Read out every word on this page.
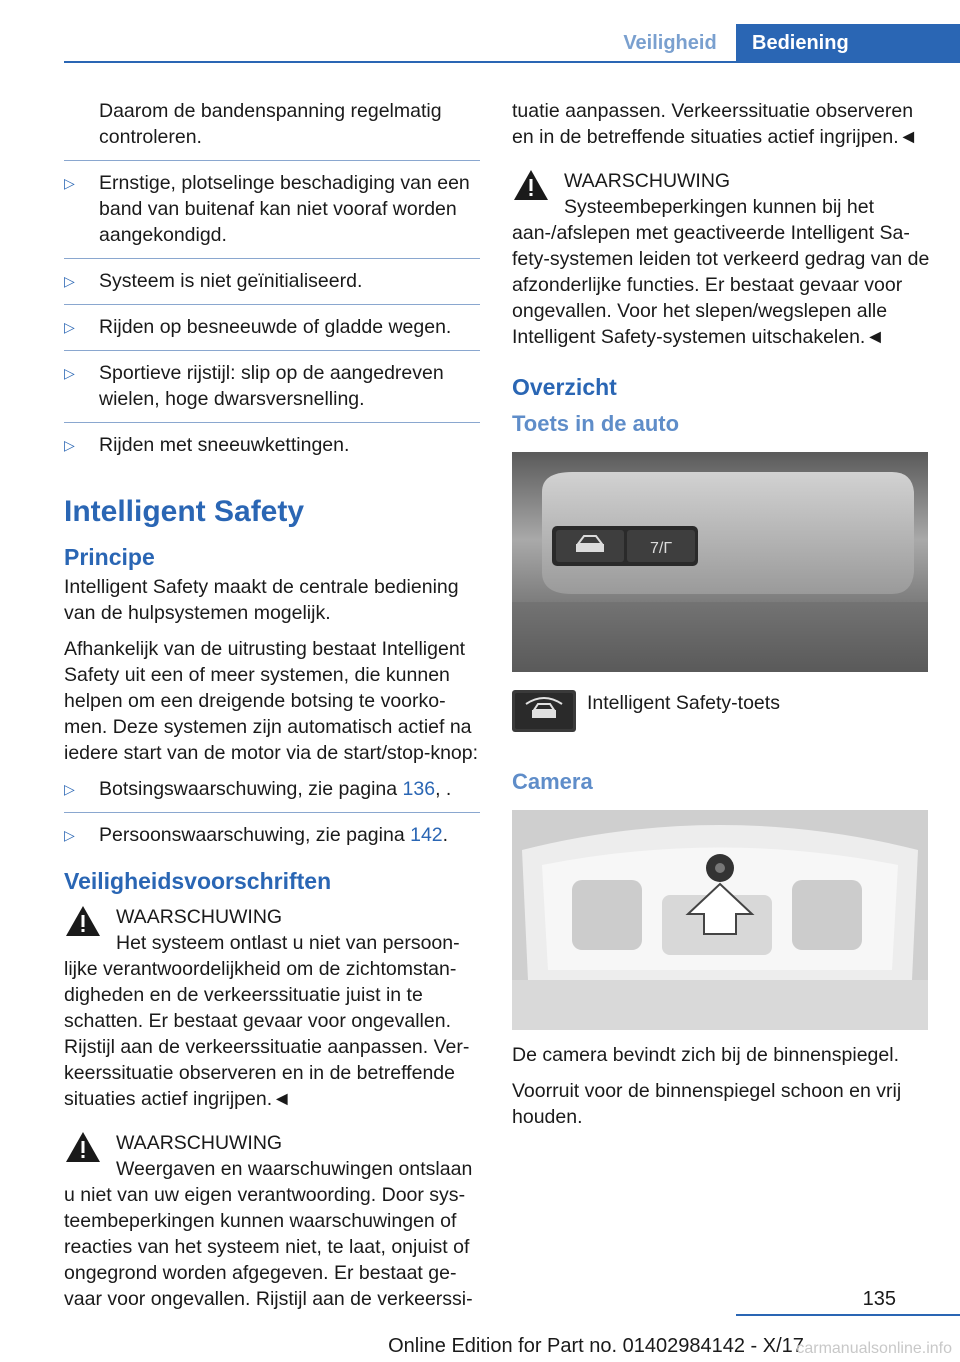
Veiligheid	Bediening
Daarom de bandenspanning regelmatig controleren.
▷ Ernstige, plotselinge beschadiging van een band van buitenaf kan niet vooraf worden aangekondigd.
▷ Systeem is niet geïnitialiseerd.
▷ Rijden op besneeuwde of gladde wegen.
▷ Sportieve rijstijl: slip op de aangedreven wielen, hoge dwarsversnelling.
▷ Rijden met sneeuwkettingen.
Intelligent Safety
Principe
Intelligent Safety maakt de centrale bediening van de hulpsystemen mogelijk.
Afhankelijk van de uitrusting bestaat Intelligent Safety uit een of meer systemen, die kunnen helpen om een dreigende botsing te voorkomen. Deze systemen zijn automatisch actief na iedere start van de motor via de start/stop-knop:
▷ Botsingswaarschuwing, zie pagina 136, .
▷ Persoonswaarschuwing, zie pagina 142.
Veiligheidsvoorschriften
WAARSCHUWING
Het systeem ontlast u niet van persoon-
lijke verantwoordelijkheid om de zichtomstandigheden en de verkeerssituatie juist in te schatten. Er bestaat gevaar voor ongevallen. Rijstijl aan de verkeerssituatie aanpassen. Verkeerssituatie observeren en in de betreffende situaties actief ingrijpen.◄
WAARSCHUWING
Weergaven en waarschuwingen ontslaan
u niet van uw eigen verantwoording. Door systeembeperkingen kunnen waarschuwingen of reacties van het systeem niet, te laat, onjuist of ongegrond worden afgegeven. Er bestaat gevaar voor ongevallen. Rijstijl aan de verkeerssi-
tuatie aanpassen. Verkeerssituatie observeren en in de betreffende situaties actief ingrijpen.◄
WAARSCHUWING
Systeembeperkingen kunnen bij het
aan-/afslepen met geactiveerde Intelligent Safety-systemen leiden tot verkeerd gedrag van de afzonderlijke functies. Er bestaat gevaar voor ongevallen. Voor het slepen/wegslepen alle Intelligent Safety-systemen uitschakelen.◄
Overzicht
Toets in de auto
7/Γ
Intelligent Safety-toets
Camera
De camera bevindt zich bij de binnenspiegel.
Voorruit voor de binnenspiegel schoon en vrij houden.
135
Online Edition for Part no. 01402984142 - X/17
carmanualsonline.info
